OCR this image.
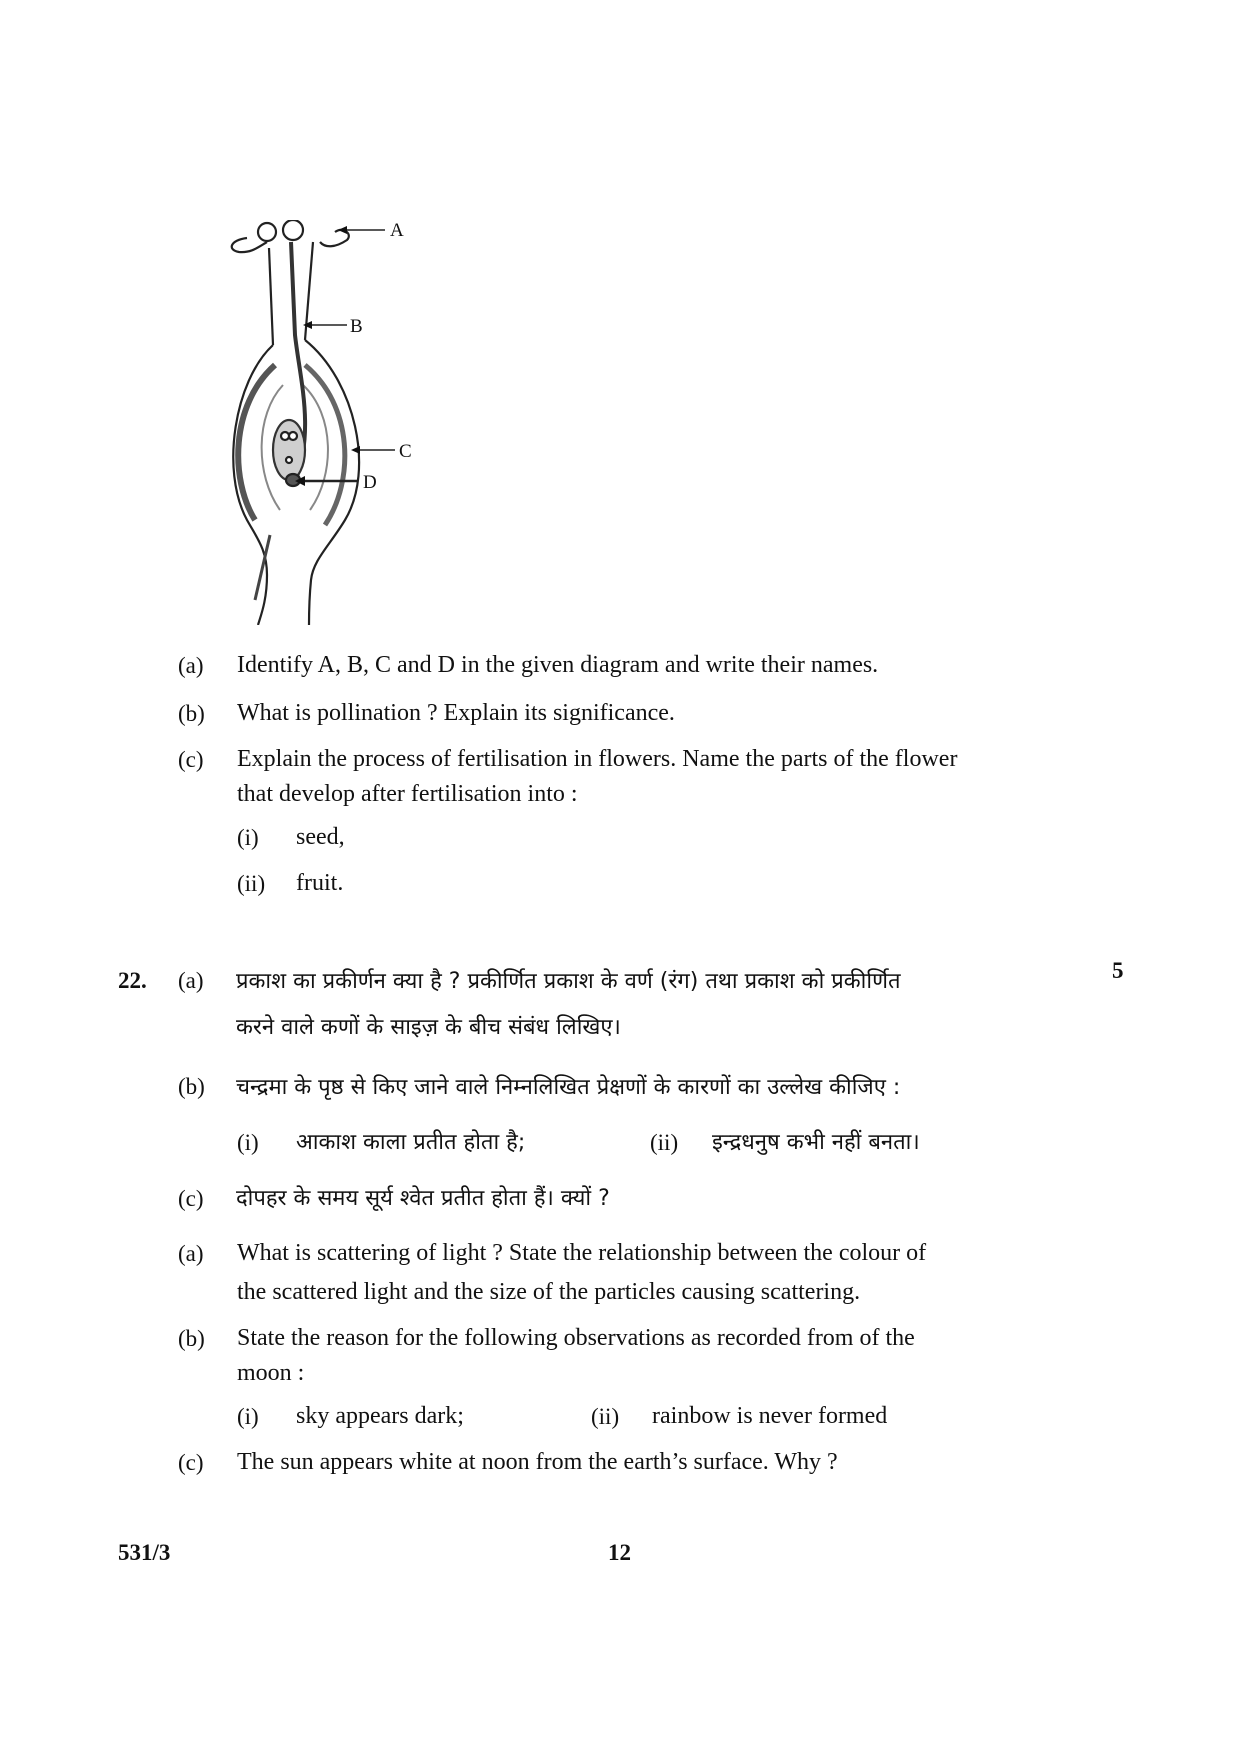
A
B
C
D
(a) Identify A, B, C and D in the given diagram and write their names.
(b) What is pollination ? Explain its significance.
(c) Explain the process of fertilisation in flowers. Name the parts of the flower
that develop after fertilisation into :
(i) seed,
(ii) fruit.
22.	5
(a) प्रकाश का प्रकीर्णन क्या है ? प्रकीर्णित प्रकाश के वर्ण (रंग) तथा प्रकाश को प्रकीर्णित
करने वाले कणों के साइज़ के बीच संबंध लिखिए।
(b) चन्द्रमा के पृष्ठ से किए जाने वाले निम्नलिखित प्रेक्षणों के कारणों का उल्लेख कीजिए :
(i) आकाश काला प्रतीत होता है;	(ii) इन्द्रधनुष कभी नहीं बनता।
(c) दोपहर के समय सूर्य श्वेत प्रतीत होता हैं। क्यों ?
(a) What is scattering of light ? State the relationship between the colour of
the scattered light and the size of the particles causing scattering.
(b) State the reason for the following observations as recorded from of the
moon :
(i) sky appears dark;	(ii) rainbow is never formed
(c) The sun appears white at noon from the earth’s surface. Why ?
531/3	12
